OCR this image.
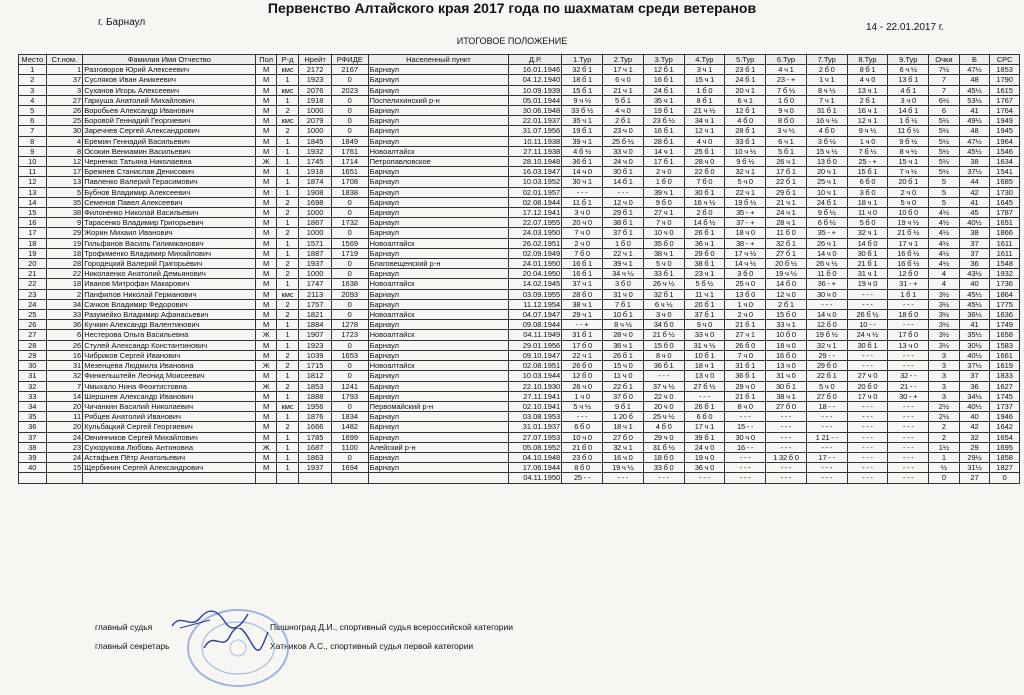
Первенство Алтайского края 2017 года по шахматам среди ветеранов
г. Барнаул	14 - 22.01.2017 г.
ИТОГОВОЕ ПОЛОЖЕНИЕ
Место	Ст.ном.	Фамилия Имя Отчество	Пол	Р-д	Нрейт	РФИДЕ	Населенный пункт	Д.Р.	1.Тур	2.Тур	3.Тур	4.Тур	5.Тур	6.Тур	7.Тур	8.Тур	9.Тур	Очки	Б	СРС
1	1	Разговоров Юрий Алексеевич	М	кмс	2172	2167	Барнаул	16.01.1946	32 б 1	17 ч 1	12 б 1	3 ч 1	23 б 1	4 ч 1	2 б 0	8 б 1	6 ч ½	7½	47½	1853
2	37	Сусляков Иван Аникеевич	М	1	1923	0	Барнаул	04.12.1940	18 б 1	6 ч 0	16 б 1	15 ч 1	24 б 1	23 - +	1 ч 1	4 ч 0	13 б 1	7	48	1790
3	3	Суханов Игорь Алексеевич	М	кмс	2076	2023	Барнаул	10.09.1939	15 б 1	21 ч 1	24 б 1	1 б 0	20 ч 1	7 б ½	8 ч ½	13 ч 1	4 б 1	7	45½	1615
4	27	Гаркуша Анатолий Михайлович	М	1	1918	0	Поспелихинский р-н	05.01.1944	9 ч ½	5 б 1	35 ч 1	8 б 1	6 ч 1	1 б 0	7 ч 1	2 б 1	3 ч 0	6½	53½	1767
5	26	Воробьев Александр Иванович	М	2	1000	0	Барнаул	30.06.1948	33 б ½	4 ч 0	19 б 1	21 ч ½	12 б 1	9 ч 0	31 б 1	16 ч 1	14 б 1	6	41	1764
6	25	Боровой Геннадий Георгиевич	М	кмс	2079	0	Барнаул	22.01.1937	35 ч 1	2 б 1	23 б ½	34 ч 1	4 б 0	8 б 0	16 ч ½	12 ч 1	1 б ½	5½	49½	1949
7	30	Заречнев Сергей Александрович	М	2	1000	0	Барнаул	31.07.1956	19 б 1	23 ч 0	16 б 1	12 ч 1	28 б 1	3 ч ½	4 б 0	9 ч ½	11 б ½	5½	48	1945
8	4	Еремин Геннадий Васильевич	М	1	1845	1849	Барнаул	10.11.1938	39 ч 1	25 б ½	28 б 1	4 ч 0	33 б 1	6 ч 1	3 б ½	1 ч 0	9 б ½	5½	47½	1964
9	8	Осокин Вениамин Васильевич	М	1	1932	1761	Новоалтайск	27.11.1938	4 б ½	33 ч 0	14 ч 1	25 б 1	10 ч ½	5 б 1	15 ч ½	7 б ½	8 ч ½	5½	45½	1546
10	12	Черненко Татьяна Николаевна	Ж	1	1745	1714	Петропавловское	28.10.1948	36 б 1	24 ч 0	17 б 1	28 ч 0	9 б ½	26 ч 1	13 б 0	25 - +	15 ч 1	5½	38	1634
11	17	Брежнев Станислав Денисович	М	1	1918	1651	Барнаул	16.03.1947	14 ч 0	30 б 1	2 ч 0	22 б 0	32 ч 1	17 б 1	20 ч 1	15 б 1	7 ч ½	5½	37½	1541
12	13	Павленко Валерий Герасимович	М	1	1874	1708	Барнаул	10.03.1952	30 ч 1	14 б 1	1 б 0	7 б 0	5 ч 0	22 б 1	25 ч 1	6 б 0	20 б 1	5	44	1685
13	5	Бубнов Владимир Алексеевич	М	1	1908	1838	Барнаул	02.01.1957	- - -	- - -	39 ч 1	30 б 1	22 ч 1	29 б 1	10 ч 1	3 б 0	2 ч 0	5	42	1730
14	35	Семенов Павел Алексеевич	М	2	1698	0	Барнаул	02.08.1944	11 б 1	12 ч 0	9 б 0	16 ч ½	19 б ½	21 ч 1	24 б 1	18 ч 1	5 ч 0	5	41	1645
15	38	Филоненко Николай Васильевич	М	2	1000	0	Барнаул	17.12.1941	3 ч 0	29 б 1	27 ч 1	2 б 0	35 - +	24 ч 1	9 б ½	11 ч 0	10 б 0	4½	45	1787
16	9	Тарасенко Владимир Григорьевич	М	1	1867	1732	Барнаул	22.07.1955	20 ч 0	38 б 1	7 ч 0	14 б ½	37 - +	28 ч 1	6 б ½	5 б 0	19 ч ½	4½	40½	1651
17	29	Жорин Михаил Иванович	М	2	1000	0	Барнаул	24.03.1950	7 ч 0	37 б 1	10 ч 0	26 б 1	18 ч 0	11 б 0	35 - +	32 ч 1	21 б ½	4½	38	1866
18	19	Гильфанов Василь Гилимжанович	М	1	1571	1569	Новоалтайск	26.02.1951	2 ч 0	1 б 0	35 б 0	36 ч 1	38 - +	32 б 1	26 ч 1	14 б 0	17 ч 1	4½	37	1611
19	18	Трофименко Владимир Михайлович	М	1	1887	1719	Барнаул	02.09.1949	7 б 0	22 ч 1	38 ч 1	29 б 0	17 ч ½	27 б 1	14 ч 0	30 б 1	16 б ½	4½	37	1611
20	28	Городецкий Валерий Григорьевич	М	2	1937	0	Благовещенский р-н	24.01.1950	16 б 1	39 ч 1	5 ч 0	38 б 1	14 ч ½	20 б ½	26 ч ½	21 б 1	16 б ½	4½	36	1548
21	22	Николаенко Анатолий Демьянович	М	2	1000	0	Барнаул	20.04.1950	16 б 1	34 ч ½	33 б 1	23 ч 1	3 б 0	19 ч ½	11 б 0	31 ч 1	12 б 0	4	43½	1932
22	18	Иванов Митрофан Макарович	М	1	1747	1638	Новоалтайск	14.02.1945	37 ч 1	3 б 0	26 ч ½	5 б ½	25 ч 0	14 б 0	36 - +	19 ч 0	31 - +	4	40	1736
23	2	Панфилов Николай Германович	М	кмс	2113	2093	Барнаул	03.09.1955	28 б 0	31 ч 0	32 б 1	11 ч 1	13 б 0	12 ч 0	30 ч 0	- - -	1 б 1	3½	45½	1864
24	34	Сачков Владимир Федорович	М	2	1757	0	Барнаул	11.12.1954	38 ч 1	7 б 1	6 ч ½	20 б 1	1 ч 0	2 б 1	- - -	- - -	- - -	3½	45½	1775
25	33	Разумейко Владимир Афанасьевич	М	2	1821	0	Новоалтайск	04.07.1947	29 ч 1	10 б 1	3 ч 0	37 б 1	2 ч 0	15 б 0	14 ч 0	26 б ½	18 б 0	3½	36½	1636
26	36	Кучкин Александр Валентинович	М	1	1884	1278	Барнаул	09.08.1944	- - +	8 ч ½	34 б 0	9 ч 0	21 б 1	33 ч 1	12 б 0	10 - -	- - -	3½	41	1749
27	6	Нестерова Ольга Васильевна	Ж	1	1907	1723	Новоалтайск	04.11.1949	31 б 1	28 ч 0	21 б ½	33 ч 0	27 ч 1	10 б 0	19 б ½	24 ч ½	17 б 0	3½	35½	1658
28	26	Стулей Александр Константинович	М	1	1923	0	Барнаул	29.01.1956	17 б 0	36 ч 1	15 б 0	31 ч ½	26 б 0	18 ч 0	32 ч 1	30 б 1	13 ч 0	3½	30½	1583
29	16	Чибриков Сергей Иванович	М	2	1039	1653	Барнаул	09.10.1947	22 ч 1	26 б 1	8 ч 0	10 б 1	7 ч 0	16 б 0	29 - -	- - -	- - -	3	40½	1661
30	31	Мезенцева Людмила Ивановна	Ж	2	1715	0	Новоалтайск	02.08.1951	26 б 0	15 ч 0	36 б 1	18 ч 1	31 б 1	13 ч 0	29 б 0	- - -	- - -	3	37½	1619
31	32	Финкельштейн Леонид Моисеевич	М	1	1812	0	Барнаул	10.03.1944	12 б 0	11 ч 0	- - -	13 ч 0	36 б 1	31 ч 0	22 б 1	27 ч 0	32 - -	3	37	1833
32	7	Чмыхало Нина Феоктистовна	Ж	2	1853	1241	Барнаул	22.10.1930	26 ч 0	22 б 1	37 ч ½	27 б ½	29 ч 0	30 б 1	5 ч 0	20 б 0	21 - -	3	36	1627
33	14	Шершнев Александр Иванович	М	1	1888	1793	Барнаул	27.11.1941	1 ч 0	37 б 0	22 ч 0	- - -	21 б 1	38 ч 1	27 б 0	17 ч 0	30 - +	3	34½	1745
34	20	Чичанкин Василий Николаевич	М	кмс	1956	0	Первомайский р-н	02.10.1941	5 ч ½	9 б 1	20 ч 0	26 б 1	8 ч 0	27 б 0	18 - -	- - -	- - -	2½	40½	1737
35	11	Рябцев Анатолий Иванович	М	1	1876	1834	Барнаул	03.08.1953	- - -	1 20 б	25 ч ½	6 б 0	- - -	- - -	- - -	- - -	- - -	2½	40	1946
36	20	Кульбацкий Сергей Георгиевич	М	2	1666	1482	Барнаул	31.01.1937	6 б 0	18 ч 1	4 б 0	17 ч 1	15 - -	- - -	- - -	- - -	- - -	2	42	1642
37	24	Овчинников Сергей Михайлович	М	1	1785	1699	Барнаул	27.07.1953	10 ч 0	27 б 0	29 ч 0	39 б 1	30 ч 0	- - -	1 21 - -	- - -	- - -	2	32	1654
38	23	Сухорукова Любовь Антоновна	Ж	1	1687	1100	Алейский р-н	05.08.1952	21 б 0	32 ч 1	31 б ½	24 ч 0	16 - -	- - -	- - -	- - -	- - -	1½	29	1695
39	24	Астафьев Пётр Анатольевич	М	1	1863	0	Барнаул	04.10.1948	23 б 0	16 ч 0	18 б 0	19 ч 0	- - -	1 32 б 0	17 - -	- - -	- - -	1	29½	1858
40	15	Щербинин Сергей Александрович	М	1	1937	1694	Барнаул	17.06.1944	8 б 0	19 ч ½	33 б 0	36 ч 0	- - -	- - -	- - -	- - -	- - -	½	31½	1827
								04.11.1950	25 - -	- - -	- - -	- - -	- - -	- - -	- - -	- - -	- - -	0	27	0
главный судья	Пышноград Д.И., спортивный судья всероссийской категории
главный секретарь	Хатников А.С., спортивный судья первой категории
